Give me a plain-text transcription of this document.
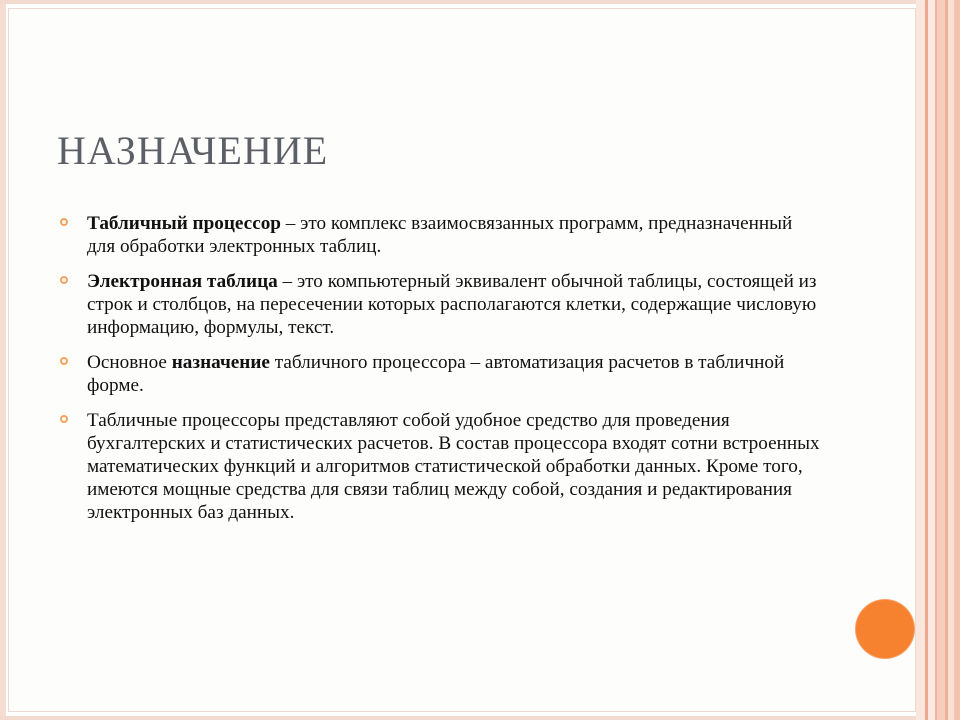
НАЗНАЧЕНИЕ
Табличный процессор – это комплекс взаимосвязанных программ, предназначенный для обработки электронных таблиц.
Электронная таблица – это компьютерный эквивалент обычной таблицы, состоящей из строк и столбцов, на пересечении которых располагаются клетки, содержащие числовую информацию, формулы, текст.
Основное назначение табличного процессора – автоматизация расчетов в табличной форме.
Табличные процессоры представляют собой удобное средство для проведения бухгалтерских и статистических расчетов. В состав процессора входят сотни встроенных математических функций и алгоритмов статистической обработки данных. Кроме того, имеются мощные средства для связи таблиц между собой, создания и редактирования электронных баз данных.
